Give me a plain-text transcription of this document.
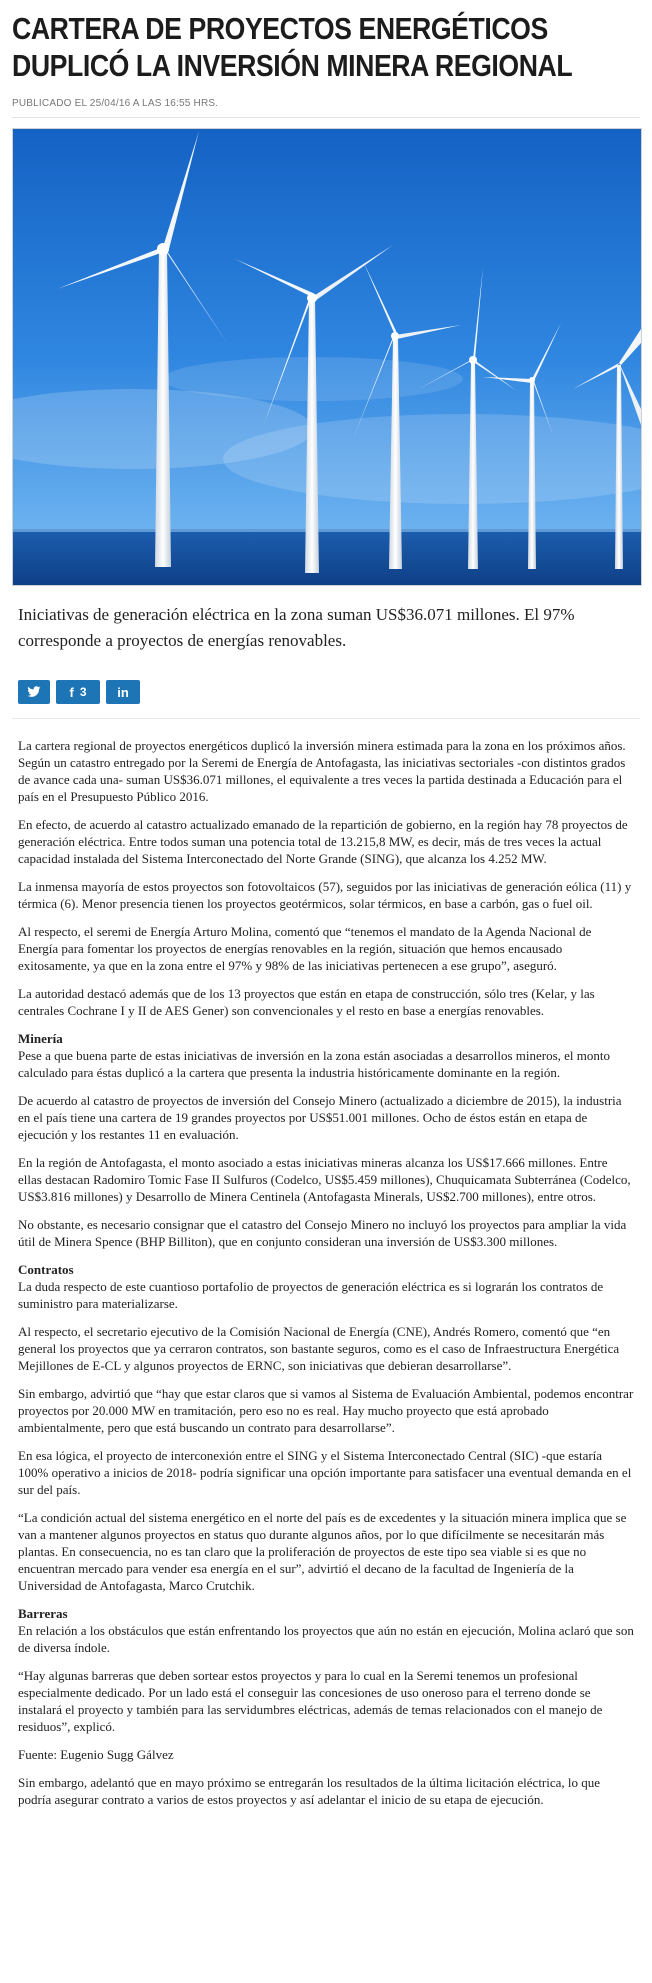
CARTERA DE PROYECTOS ENERGÉTICOS DUPLICÓ LA INVERSIÓN MINERA REGIONAL
PUBLICADO EL 25/04/16 A LAS 16:55 HRS.

Iniciativas de generación eléctrica en la zona suman US$36.071 millones. El 97% corresponde a proyectos de energías renovables.

f 3 in

La cartera regional de proyectos energéticos duplicó la inversión minera estimada para la zona en los próximos años. Según un catastro entregado por la Seremi de Energía de Antofagasta, las iniciativas sectoriales -con distintos grados de avance cada una- suman US$36.071 millones, el equivalente a tres veces la partida destinada a Educación para el país en el Presupuesto Público 2016.

En efecto, de acuerdo al catastro actualizado emanado de la repartición de gobierno, en la región hay 78 proyectos de generación eléctrica. Entre todos suman una potencia total de 13.215,8 MW, es decir, más de tres veces la actual capacidad instalada del Sistema Interconectado del Norte Grande (SING), que alcanza los 4.252 MW.

La inmensa mayoría de estos proyectos son fotovoltaicos (57), seguidos por las iniciativas de generación eólica (11) y térmica (6). Menor presencia tienen los proyectos geotérmicos, solar térmicos, en base a carbón, gas o fuel oil.

Al respecto, el seremi de Energía Arturo Molina, comentó que “tenemos el mandato de la Agenda Nacional de Energía para fomentar los proyectos de energías renovables en la región, situación que hemos encausado exitosamente, ya que en la zona entre el 97% y 98% de las iniciativas pertenecen a ese grupo”, aseguró.

La autoridad destacó además que de los 13 proyectos que están en etapa de construcción, sólo tres (Kelar, y las centrales Cochrane I y II de AES Gener) son convencionales y el resto en base a energías renovables.

Minería

Pese a que buena parte de estas iniciativas de inversión en la zona están asociadas a desarrollos mineros, el monto calculado para éstas duplicó a la cartera que presenta la industria históricamente dominante en la región.

De acuerdo al catastro de proyectos de inversión del Consejo Minero (actualizado a diciembre de 2015), la industria en el país tiene una cartera de 19 grandes proyectos por US$51.001 millones. Ocho de éstos están en etapa de ejecución y los restantes 11 en evaluación.

En la región de Antofagasta, el monto asociado a estas iniciativas mineras alcanza los US$17.666 millones. Entre ellas destacan Radomiro Tomic Fase II Sulfuros (Codelco, US$5.459 millones), Chuquicamata Subterránea (Codelco, US$3.816 millones) y Desarrollo de Minera Centinela (Antofagasta Minerals, US$2.700 millones), entre otros.

No obstante, es necesario consignar que el catastro del Consejo Minero no incluyó los proyectos para ampliar la vida útil de Minera Spence (BHP Billiton), que en conjunto consideran una inversión de US$3.300 millones.

Contratos

La duda respecto de este cuantioso portafolio de proyectos de generación eléctrica es si lograrán los contratos de suministro para materializarse.

Al respecto, el secretario ejecutivo de la Comisión Nacional de Energía (CNE), Andrés Romero, comentó que “en general los proyectos que ya cerraron contratos, son bastante seguros, como es el caso de Infraestructura Energética Mejillones de E-CL y algunos proyectos de ERNC, son iniciativas que debieran desarrollarse”.

Sin embargo, advirtió que “hay que estar claros que si vamos al Sistema de Evaluación Ambiental, podemos encontrar proyectos por 20.000 MW en tramitación, pero eso no es real. Hay mucho proyecto que está aprobado ambientalmente, pero que está buscando un contrato para desarrollarse”.

En esa lógica, el proyecto de interconexión entre el SING y el Sistema Interconectado Central (SIC) -que estaría 100% operativo a inicios de 2018- podría significar una opción importante para satisfacer una eventual demanda en el sur del país.

“La condición actual del sistema energético en el norte del país es de excedentes y la situación minera implica que se van a mantener algunos proyectos en status quo durante algunos años, por lo que difícilmente se necesitarán más plantas. En consecuencia, no es tan claro que la proliferación de proyectos de este tipo sea viable si es que no encuentran mercado para vender esa energía en el sur”, advirtió el decano de la facultad de Ingeniería de la Universidad de Antofagasta, Marco Crutchik.

Barreras

En relación a los obstáculos que están enfrentando los proyectos que aún no están en ejecución, Molina aclaró que son de diversa índole.

“Hay algunas barreras que deben sortear estos proyectos y para lo cual en la Seremi tenemos un profesional especialmente dedicado. Por un lado está el conseguir las concesiones de uso oneroso para el terreno donde se instalará el proyecto y también para las servidumbres eléctricas, además de temas relacionados con el manejo de residuos”, explicó.

Fuente: Eugenio Sugg Gálvez

Sin embargo, adelantó que en mayo próximo se entregarán los resultados de la última licitación eléctrica, lo que podría asegurar contrato a varios de estos proyectos y así adelantar el inicio de su etapa de ejecución.
